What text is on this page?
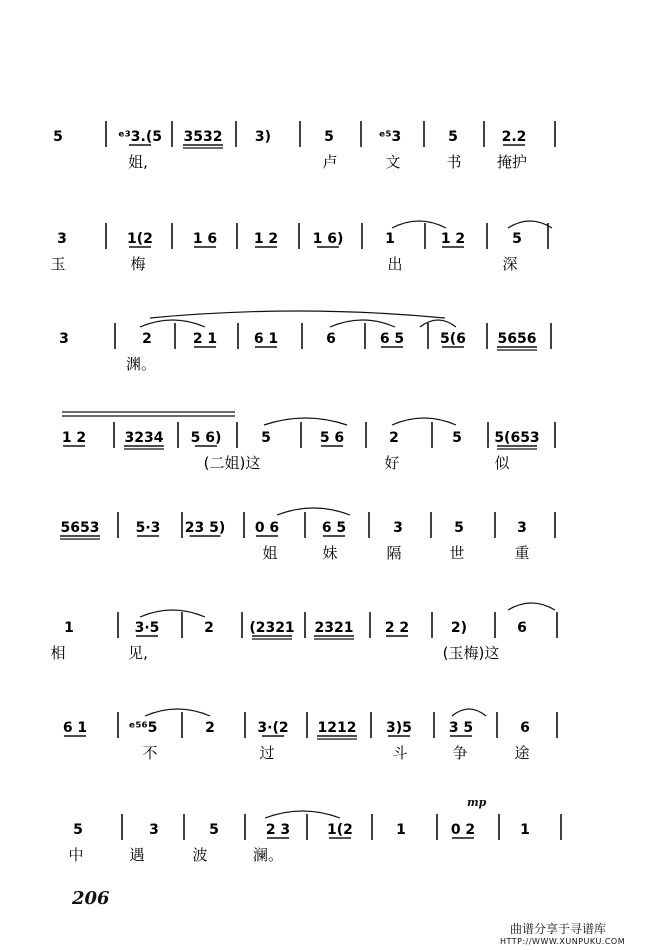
5	ᵉ³3.(5 3532 3)	5	ᵉ⁵3	5	2.2
姐,	卢	文	书 掩护
3	1(2	1 6	1 2 1 6)	1	1 2	5
玉	梅	出	深
3	2	2 1	6 1	6	6 5	5(6 5656
渊。
1 2	3234 5 6)	5	5 6	2	5 5(653
(二姐)这	好	似
5653	5·3 23 5) 0 6	6 5	3	5	3
姐	妹	隔	世	重
1	3·5	2	(2321 2321 2 2	2)	6
相	见,	(玉梅)这
6 1	ᵉ⁵⁶5	2	3·(2 1212 3)5	3 5	6
不	过	斗	争	途
5	3	5	2 3	1(2	1	0 2	1
中	遇	波	澜。
mp
206
曲谱分享于寻谱库
HTTP://WWW.XUNPUKU.COM
